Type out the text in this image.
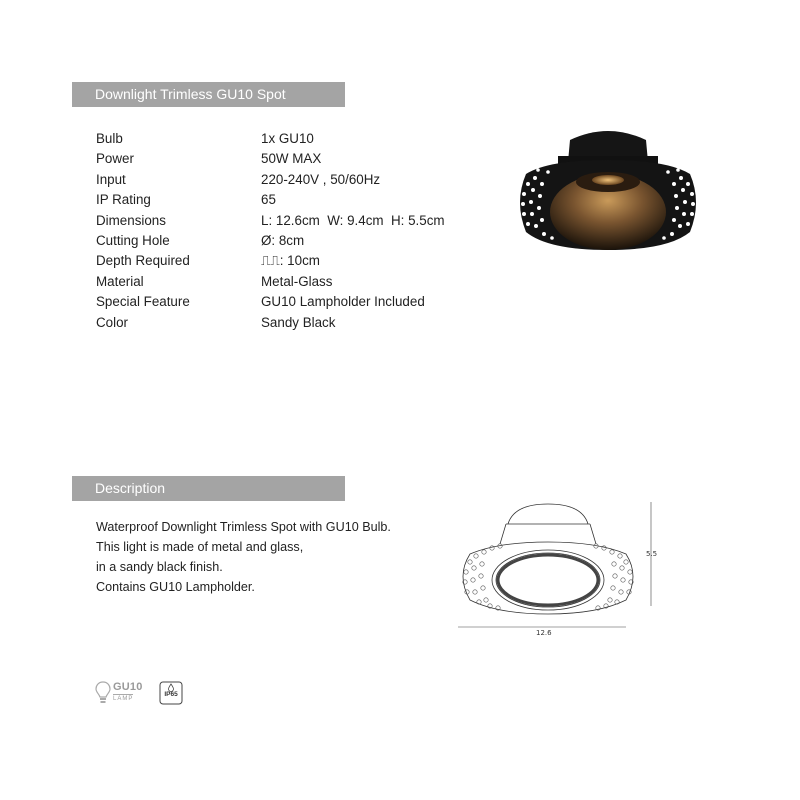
Downlight Trimless GU10 Spot
Bulb	1x GU10
Power	50W MAX
Input	220-240V , 50/60Hz
IP Rating	65
Dimensions	L: 12.6cm  W: 9.4cm  H: 5.5cm
Cutting Hole	Ø: 8cm
Depth Required	⎍⎍: 10cm
Material	Metal-Glass
Special Feature	GU10 Lampholder Included
Color	Sandy Black
Description
Waterproof Downlight Trimless Spot with GU10 Bulb.
This light is made of metal and glass,
in a sandy black finish.
Contains GU10 Lampholder.
5.5
12.6
GU10
LAMP
IP65
